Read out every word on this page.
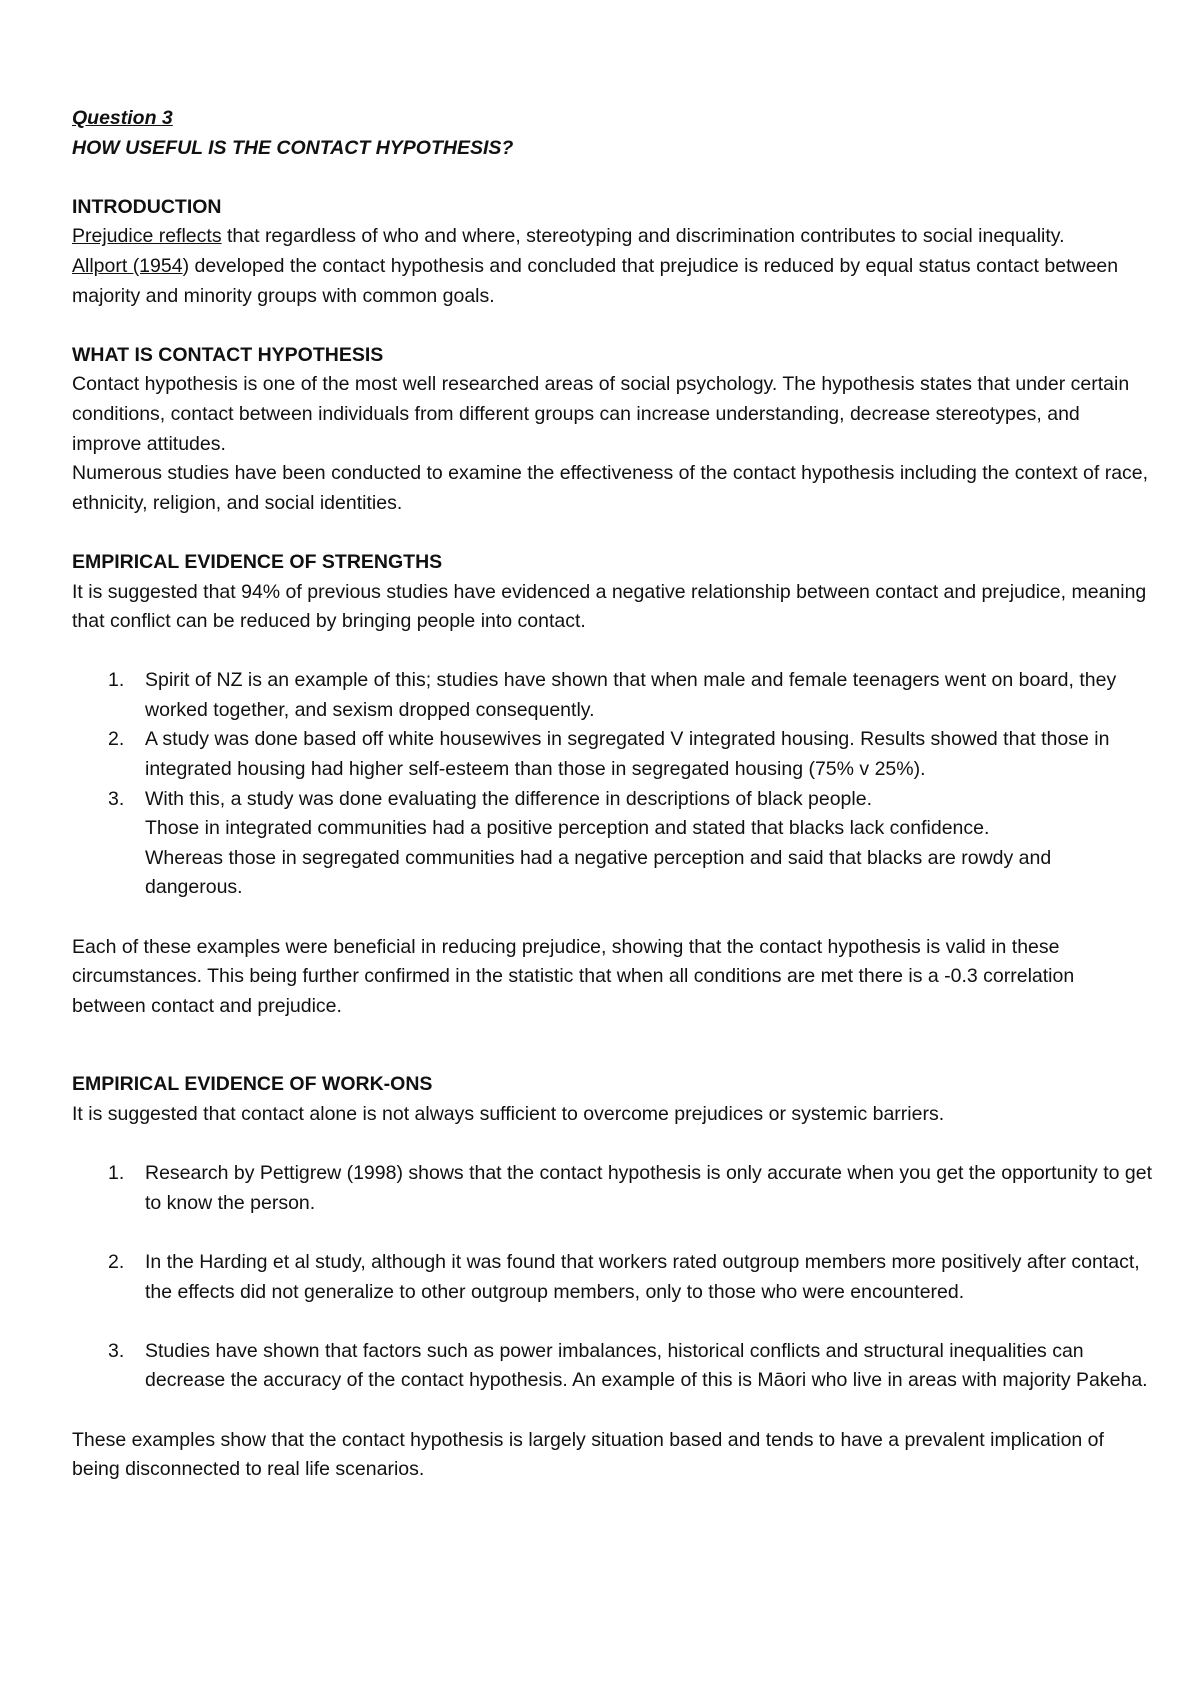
Question 3

HOW USEFUL IS THE CONTACT HYPOTHESIS?

INTRODUCTION

Prejudice reflects that regardless of who and where, stereotyping and discrimination contributes to social inequality.

Allport (1954) developed the contact hypothesis and concluded that prejudice is reduced by equal status contact between majority and minority groups with common goals.

WHAT IS CONTACT HYPOTHESIS

Contact hypothesis is one of the most well researched areas of social psychology. The hypothesis states that under certain conditions, contact between individuals from different groups can increase understanding, decrease stereotypes, and improve attitudes.

Numerous studies have been conducted to examine the effectiveness of the contact hypothesis including the context of race, ethnicity, religion, and social identities.

EMPIRICAL EVIDENCE OF STRENGTHS

It is suggested that 94% of previous studies have evidenced a negative relationship between contact and prejudice, meaning that conflict can be reduced by bringing people into contact.

1. Spirit of NZ is an example of this; studies have shown that when male and female teenagers went on board, they worked together, and sexism dropped consequently.
2. A study was done based off white housewives in segregated V integrated housing. Results showed that those in integrated housing had higher self-esteem than those in segregated housing (75% v 25%).
3. With this, a study was done evaluating the difference in descriptions of black people.
Those in integrated communities had a positive perception and stated that blacks lack confidence.
Whereas those in segregated communities had a negative perception and said that blacks are rowdy and dangerous.

Each of these examples were beneficial in reducing prejudice, showing that the contact hypothesis is valid in these circumstances. This being further confirmed in the statistic that when all conditions are met there is a -0.3 correlation between contact and prejudice.

EMPIRICAL EVIDENCE OF WORK-ONS

It is suggested that contact alone is not always sufficient to overcome prejudices or systemic barriers.

1. Research by Pettigrew (1998) shows that the contact hypothesis is only accurate when you get the opportunity to get to know the person.
2. In the Harding et al study, although it was found that workers rated outgroup members more positively after contact, the effects did not generalize to other outgroup members, only to those who were encountered.
3. Studies have shown that factors such as power imbalances, historical conflicts and structural inequalities can decrease the accuracy of the contact hypothesis. An example of this is Māori who live in areas with majority Pakeha.

These examples show that the contact hypothesis is largely situation based and tends to have a prevalent implication of being disconnected to real life scenarios.
